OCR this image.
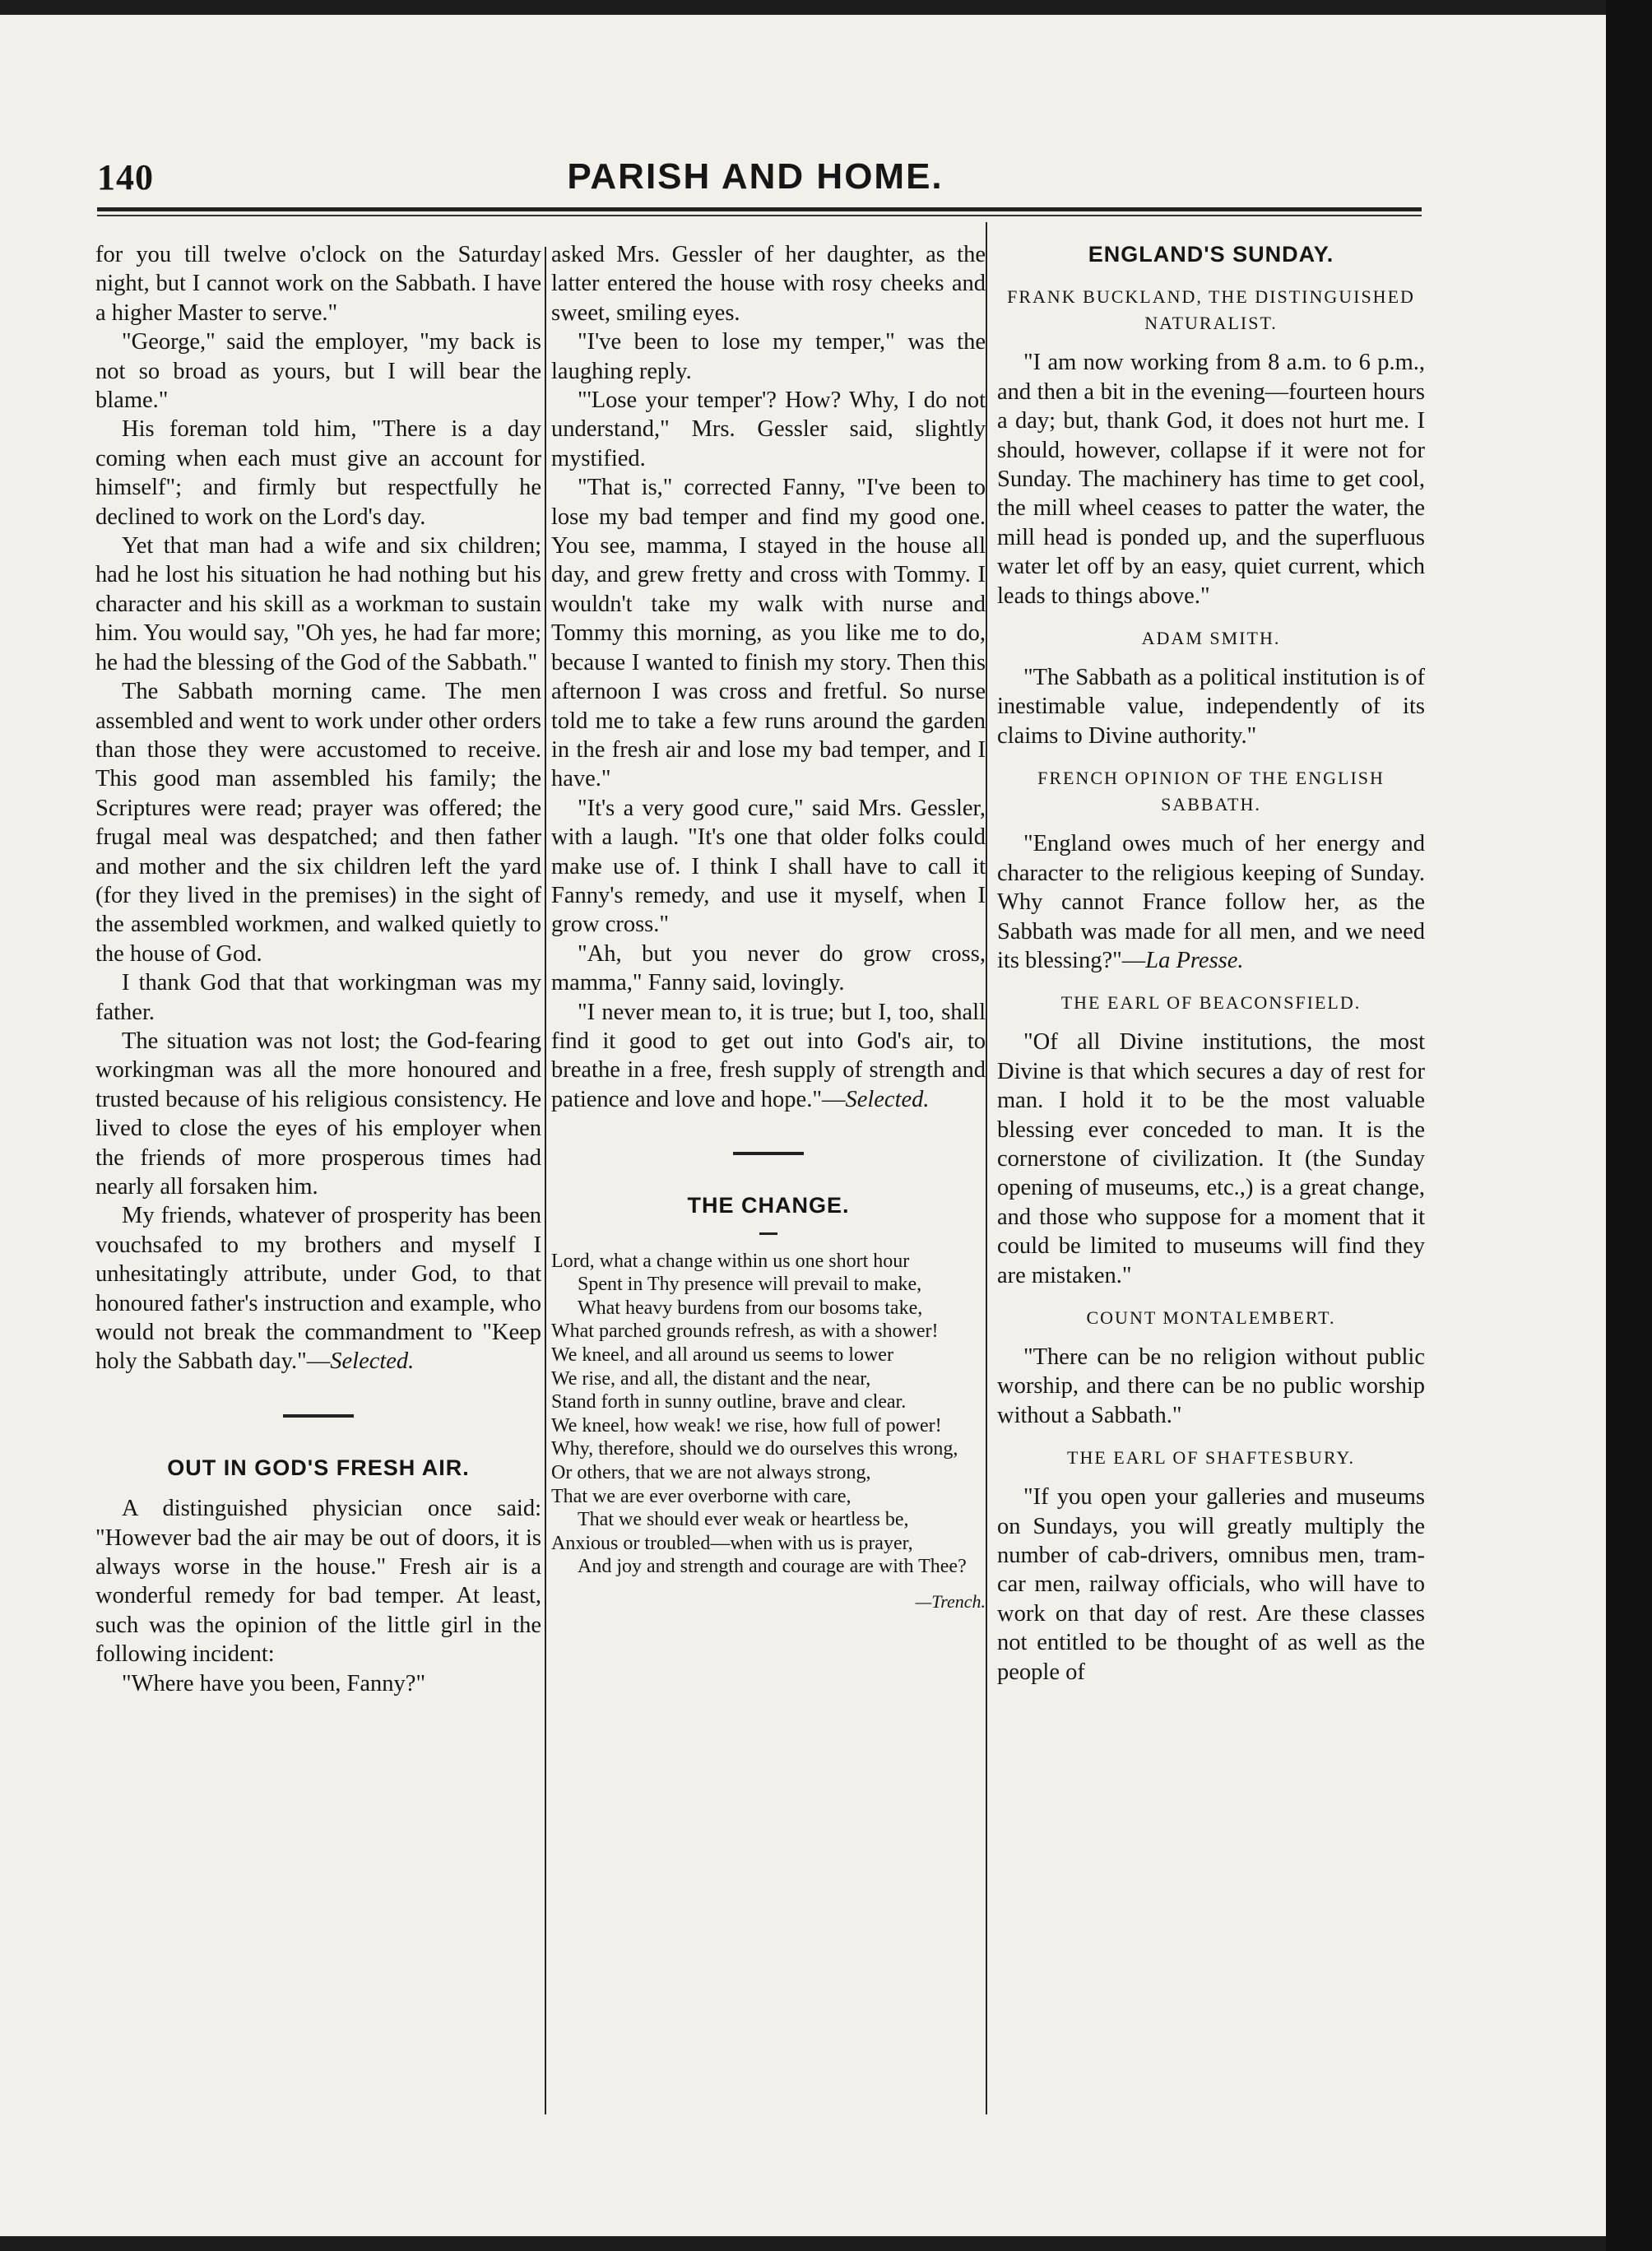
140	PARISH AND HOME.

for you till twelve o'clock on the Saturday night, but I cannot work on the Sabbath. I have a higher Master to serve."

"George," said the employer, "my back is not so broad as yours, but I will bear the blame."

His foreman told him, "There is a day coming when each must give an account for himself"; and firmly but respectfully he declined to work on the Lord's day.

Yet that man had a wife and six children; had he lost his situation he had nothing but his character and his skill as a workman to sustain him. You would say, "Oh yes, he had far more; he had the blessing of the God of the Sabbath."

The Sabbath morning came. The men assembled and went to work under other orders than those they were accustomed to receive. This good man assembled his family; the Scriptures were read; prayer was offered; the frugal meal was despatched; and then father and mother and the six children left the yard (for they lived in the premises) in the sight of the assembled workmen, and walked quietly to the house of God.

I thank God that that workingman was my father.

The situation was not lost; the God-fearing workingman was all the more honoured and trusted because of his religious consistency. He lived to close the eyes of his employer when the friends of more prosperous times had nearly all forsaken him.

My friends, whatever of prosperity has been vouchsafed to my brothers and myself I unhesitatingly attribute, under God, to that honoured father's instruction and example, who would not break the commandment to "Keep holy the Sabbath day."—Selected.

OUT IN GOD'S FRESH AIR.

A distinguished physician once said: "However bad the air may be out of doors, it is always worse in the house." Fresh air is a wonderful remedy for bad temper. At least, such was the opinion of the little girl in the following incident:

"Where have you been, Fanny?"

asked Mrs. Gessler of her daughter, as the latter entered the house with rosy cheeks and sweet, smiling eyes.

"I've been to lose my temper," was the laughing reply.

"'Lose your temper'? How? Why, I do not understand," Mrs. Gessler said, slightly mystified.

"That is," corrected Fanny, "I've been to lose my bad temper and find my good one. You see, mamma, I stayed in the house all day, and grew fretty and cross with Tommy. I wouldn't take my walk with nurse and Tommy this morning, as you like me to do, because I wanted to finish my story. Then this afternoon I was cross and fretful. So nurse told me to take a few runs around the garden in the fresh air and lose my bad temper, and I have."

"It's a very good cure," said Mrs. Gessler, with a laugh. "It's one that older folks could make use of. I think I shall have to call it Fanny's remedy, and use it myself, when I grow cross."

"Ah, but you never do grow cross, mamma," Fanny said, lovingly.

"I never mean to, it is true; but I, too, shall find it good to get out into God's air, to breathe in a free, fresh supply of strength and patience and love and hope."—Selected.

THE CHANGE.
Lord, what a change within us one short hour
Spent in Thy presence will prevail to make,
What heavy burdens from our bosoms take,
What parched grounds refresh, as with a shower!
We kneel, and all around us seems to lower
We rise, and all, the distant and the near,
Stand forth in sunny outline, brave and clear.
We kneel, how weak! we rise, how full of power!
Why, therefore, should we do ourselves this wrong,
Or others, that we are not always strong,
That we are ever overborne with care,
That we should ever weak or heartless be,
Anxious or troubled—when with us is prayer,
And joy and strength and courage are with Thee?
—Trench.
ENGLAND'S SUNDAY.
FRANK BUCKLAND, THE DISTINGUISHED NATURALIST.

"I am now working from 8 a.m. to 6 p.m., and then a bit in the evening—fourteen hours a day; but, thank God, it does not hurt me. I should, however, collapse if it were not for Sunday. The machinery has time to get cool, the mill wheel ceases to patter the water, the mill head is ponded up, and the superfluous water let off by an easy, quiet current, which leads to things above."

ADAM SMITH.

"The Sabbath as a political institution is of inestimable value, independently of its claims to Divine authority."

FRENCH OPINION OF THE ENGLISH SABBATH.

"England owes much of her energy and character to the religious keeping of Sunday. Why cannot France follow her, as the Sabbath was made for all men, and we need its blessing?"—La Presse.

THE EARL OF BEACONSFIELD.

"Of all Divine institutions, the most Divine is that which secures a day of rest for man. I hold it to be the most valuable blessing ever conceded to man. It is the cornerstone of civilization. It (the Sunday opening of museums, etc.,) is a great change, and those who suppose for a moment that it could be limited to museums will find they are mistaken."

COUNT MONTALEMBERT.

"There can be no religion without public worship, and there can be no public worship without a Sabbath."

THE EARL OF SHAFTESBURY.

"If you open your galleries and museums on Sundays, you will greatly multiply the number of cab-drivers, omnibus men, tram-car men, railway officials, who will have to work on that day of rest. Are these classes not entitled to be thought of as well as the people of
